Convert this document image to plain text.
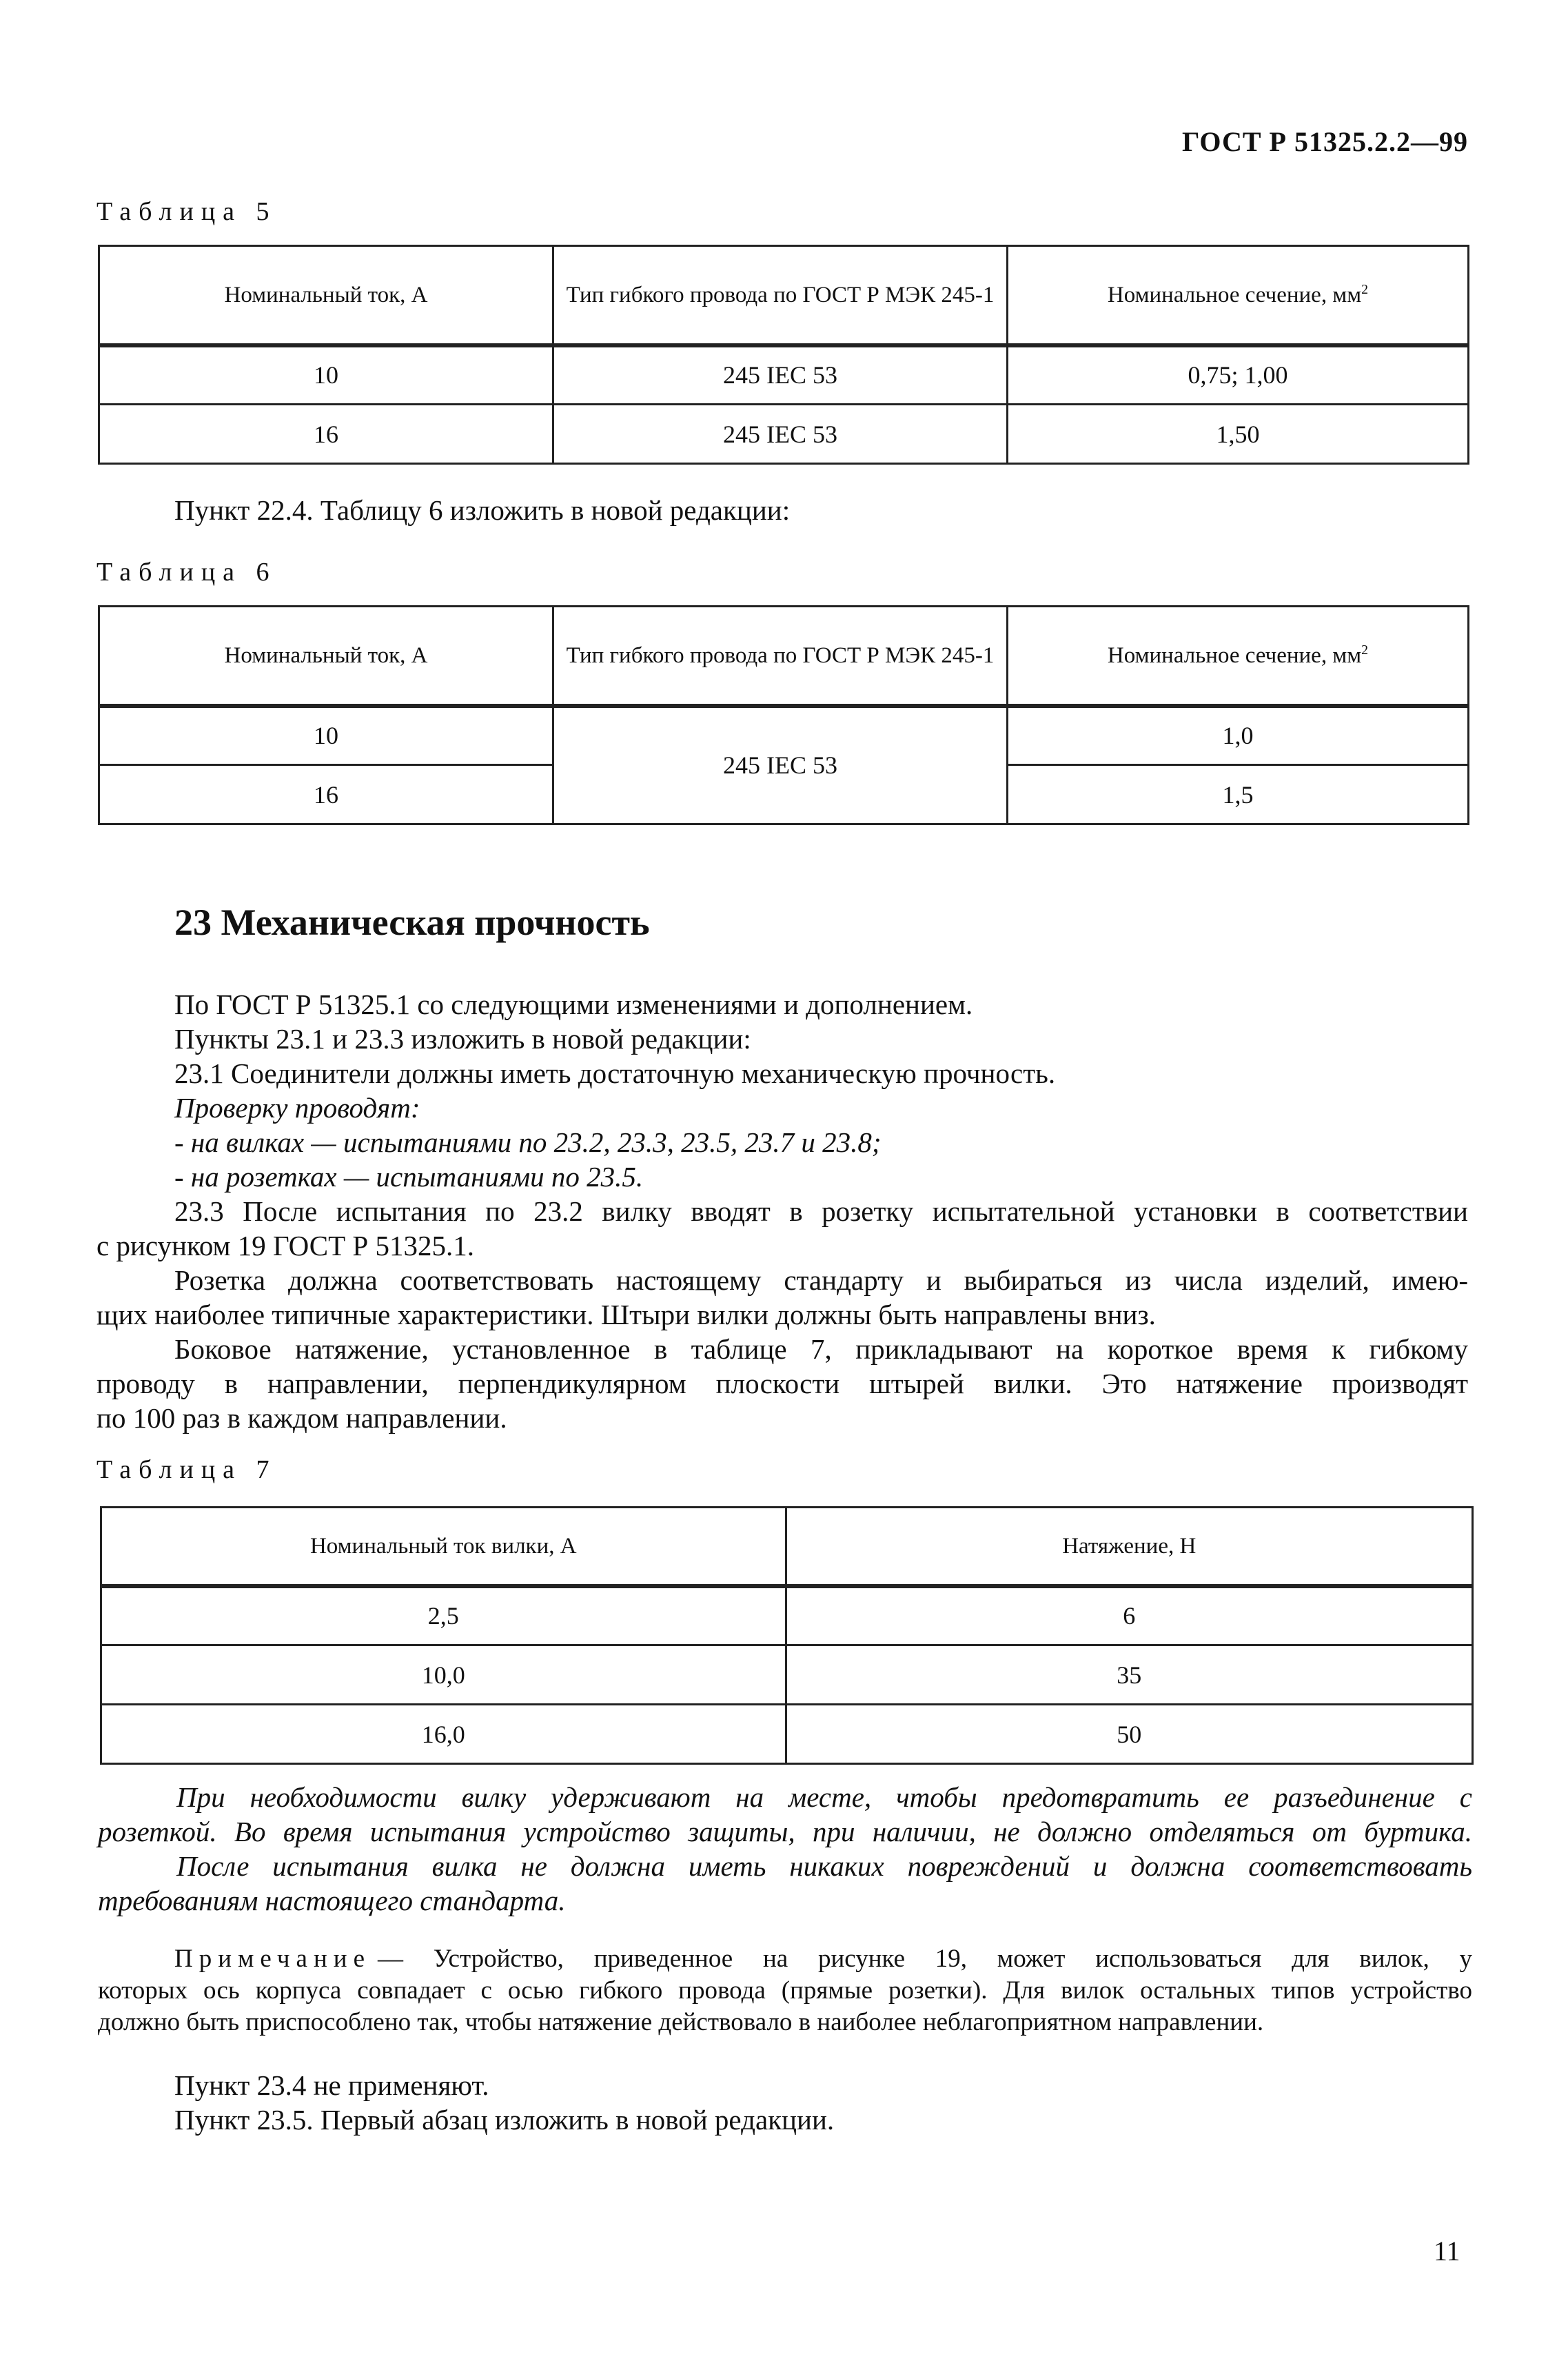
ГОСТ Р 51325.2.2—99
Таблица 5
Номинальный ток, А	Тип гибкого провода по ГОСТ Р МЭК 245-1	Номинальное сечение, $мм^2$
10	245 IEC 53	0,75; 1,00
16	245 IEC 53	1,50
Пункт 22.4. Таблицу 6 изложить в новой редакции:
Таблица 6
Номинальный ток, А	Тип гибкого провода по ГОСТ Р МЭК 245-1	Номинальное сечение, $мм^2$
10	245 IEC 53	1,0
16		1,5
23 Механическая прочность
По ГОСТ Р 51325.1 со следующими изменениями и дополнением.
Пункты 23.1 и 23.3 изложить в новой редакции:
23.1 Соединители должны иметь достаточную механическую прочность.
Проверку проводят:
- на вилках — испытаниями по 23.2, 23.3, 23.5, 23.7 и 23.8;
- на розетках — испытаниями по 23.5.
23.3 После испытания по 23.2 вилку вводят в розетку испытательной установки в соответствии
с рисунком 19 ГОСТ Р 51325.1.
Розетка должна соответствовать настоящему стандарту и выбираться из числа изделий, имею-
щих наиболее типичные характеристики. Штыри вилки должны быть направлены вниз.
Боковое натяжение, установленное в таблице 7, прикладывают на короткое время к гибкому
проводу в направлении, перпендикулярном плоскости штырей вилки. Это натяжение производят
по 100 раз в каждом направлении.
Таблица 7
Номинальный ток вилки, А	Натяжение, Н
2,5	6
10,0	35
16,0	50
При необходимости вилку удерживают на месте, чтобы предотвратить ее разъединение с
розеткой. Во время испытания устройство защиты, при наличии, не должно отделяться от буртика.
После испытания вилка не должна иметь никаких повреждений и должна соответствовать
требованиям настоящего стандарта.
Примечание — Устройство, приведенное на рисунке 19, может использоваться для вилок, у
которых ось корпуса совпадает с осью гибкого провода (прямые розетки). Для вилок остальных типов устройство
должно быть приспособлено так, чтобы натяжение действовало в наиболее неблагоприятном направлении.
Пункт 23.4 не применяют.
Пункт 23.5. Первый абзац изложить в новой редакции.
11
